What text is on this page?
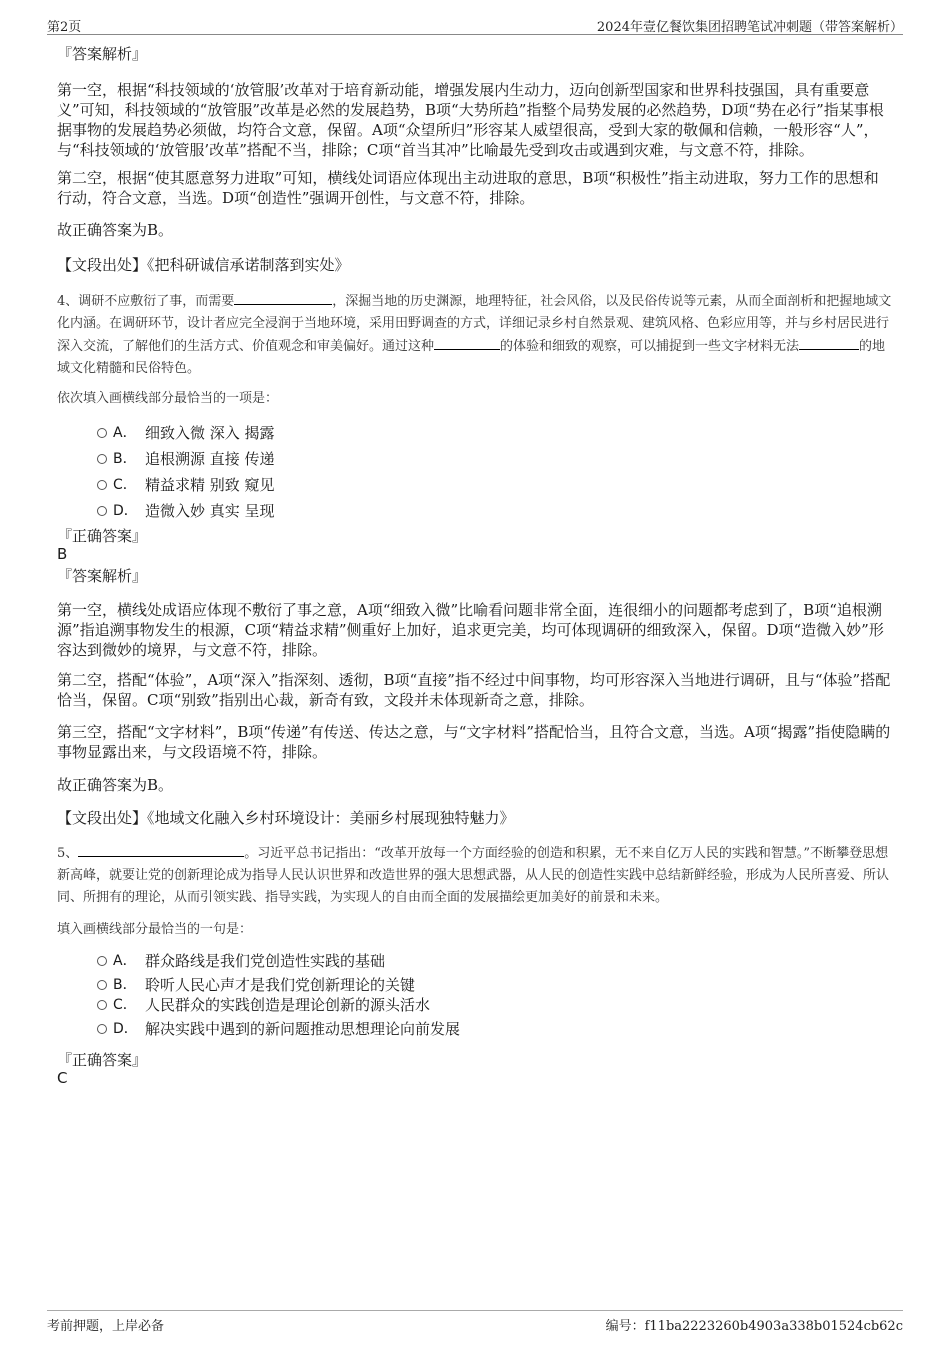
第2页	2024年壹亿餐饮集团招聘笔试冲刺题（带答案解析）
『答案解析』

第一空，根据“科技领域的‘放管服’改革对于培育新动能，增强发展内生动力，迈向创新型国家和世界科技强国，具有重要意义”可知，科技领域的“放管服”改革是必然的发展趋势，B项“大势所趋”指整个局势发展的必然趋势，D项“势在必行”指某事根据事物的发展趋势必须做，均符合文意，保留。A项“众望所归”形容某人威望很高，受到大家的敬佩和信赖，一般形容“人”，与“科技领域的‘放管服’改革”搭配不当，排除；C项“首当其冲”比喻最先受到攻击或遇到灾难，与文意不符，排除。

第二空，根据“使其愿意努力进取”可知，横线处词语应体现出主动进取的意思，B项“积极性”指主动进取，努力工作的思想和行动，符合文意，当选。D项“创造性”强调开创性，与文意不符，排除。

故正确答案为B。

【文段出处】《把科研诚信承诺制落到实处》

4、调研不应敷衍了事，而需要	，深掘当地的历史渊源，地理特征，社会风俗，以及民俗传说等元素，从而全面剖析和把握地域文化内涵。在调研环节，设计者应完全浸润于当地环境，采用田野调查的方式，详细记录乡村自然景观、建筑风格、色彩应用等，并与乡村居民进行深入交流，了解他们的生活方式、价值观念和审美偏好。通过这种	的体验和细致的观察，可以捕捉到一些文字材料无法	的地域文化精髓和民俗特色。

依次填入画横线部分最恰当的一项是：
A． 细致入微 深入 揭露
B． 追根溯源 直接 传递
C． 精益求精 别致 窥见
D． 造微入妙 真实 呈现
『正确答案』
B
『答案解析』

第一空，横线处成语应体现不敷衍了事之意，A项“细致入微”比喻看问题非常全面，连很细小的问题都考虑到了，B项“追根溯源”指追溯事物发生的根源，C项“精益求精”侧重好上加好，追求更完美，均可体现调研的细致深入，保留。D项“造微入妙”形容达到微妙的境界，与文意不符，排除。

第二空，搭配“体验”，A项“深入”指深刻、透彻，B项“直接”指不经过中间事物，均可形容深入当地进行调研，且与“体验”搭配恰当，保留。C项“别致”指别出心裁，新奇有致，文段并未体现新奇之意，排除。

第三空，搭配“文字材料”，B项“传递”有传送、传达之意，与“文字材料”搭配恰当，且符合文意，当选。A项“揭露”指使隐瞒的事物显露出来，与文段语境不符，排除。

故正确答案为B。

【文段出处】《地域文化融入乡村环境设计：美丽乡村展现独特魅力》

5、	。习近平总书记指出：“改革开放每一个方面经验的创造和积累，无不来自亿万人民的实践和智慧。”不断攀登思想新高峰，就要让党的创新理论成为指导人民认识世界和改造世界的强大思想武器，从人民的创造性实践中总结新鲜经验，形成为人民所喜爱、所认同、所拥有的理论，从而引领实践、指导实践，为实现人的自由而全面的发展描绘更加美好的前景和未来。

填入画横线部分最恰当的一句是：
A． 群众路线是我们党创造性实践的基础
B． 聆听人民心声才是我们党创新理论的关键
C． 人民群众的实践创造是理论创新的源头活水
D． 解决实践中遇到的新问题推动思想理论向前发展
『正确答案』
C
考前押题，上岸必备	编号：f11ba2223260b4903a338b01524cb62c
